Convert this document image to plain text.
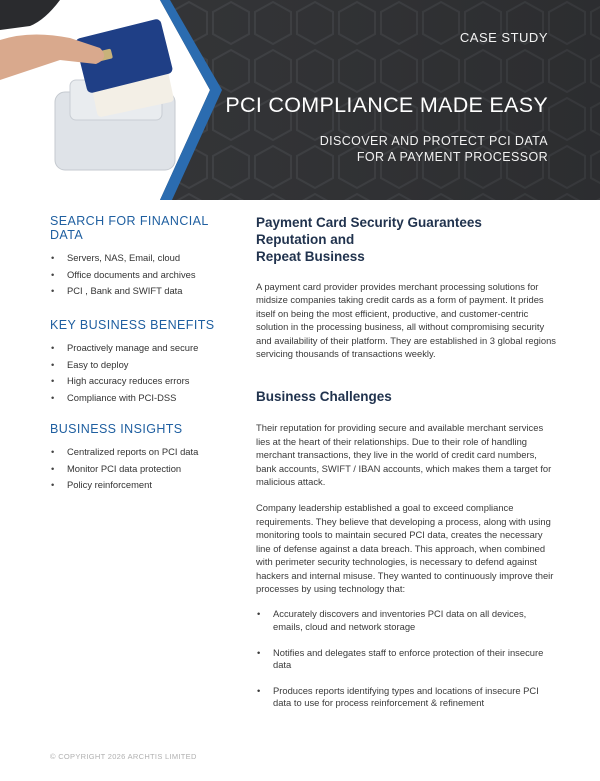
CASE STUDY
PCI COMPLIANCE MADE EASY
DISCOVER AND PROTECT PCI DATA
FOR A PAYMENT PROCESSOR
SEARCH FOR FINANCIAL DATA
• Servers, NAS, Email, cloud
• Office documents and archives
• PCI , Bank and SWIFT data
KEY BUSINESS BENEFITS
• Proactively manage and secure
• Easy to deploy
• High accuracy reduces errors
• Compliance with PCI-DSS
BUSINESS INSIGHTS
• Centralized reports on PCI data
• Monitor PCI data protection
• Policy reinforcement
Payment Card Security Guarantees Reputation and
Repeat Business

A payment card provider provides merchant processing solutions for midsize companies taking credit cards as a form of payment. It prides itself on being the most efficient, productive, and customer-centric solution in the processing business, all without compromising security and availability of their platform. They are established in 3 global regions servicing thousands of transactions weekly.

Business Challenges

Their reputation for providing secure and available merchant services lies at the heart of their relationships. Due to their role of handling merchant transactions, they live in the world of credit card numbers, bank accounts, SWIFT / IBAN accounts, which makes them a target for malicious attack.

Company leadership established a goal to exceed compliance requirements. They believe that developing a process, along with using monitoring tools to maintain secured PCI data, creates the necessary line of defense against a data breach. This approach, when combined with perimeter security technologies, is necessary to defend against hackers and internal misuse. They wanted to continuously improve their processes by using technology that:

• Accurately discovers and inventories PCI data on all devices, emails, cloud and network storage
• Notifies and delegates staff to enforce protection of their insecure data
• Produces reports identifying types and locations of insecure PCI data to use for process reinforcement & refinement
© COPYRIGHT 2026 ARCHTIS LIMITED
